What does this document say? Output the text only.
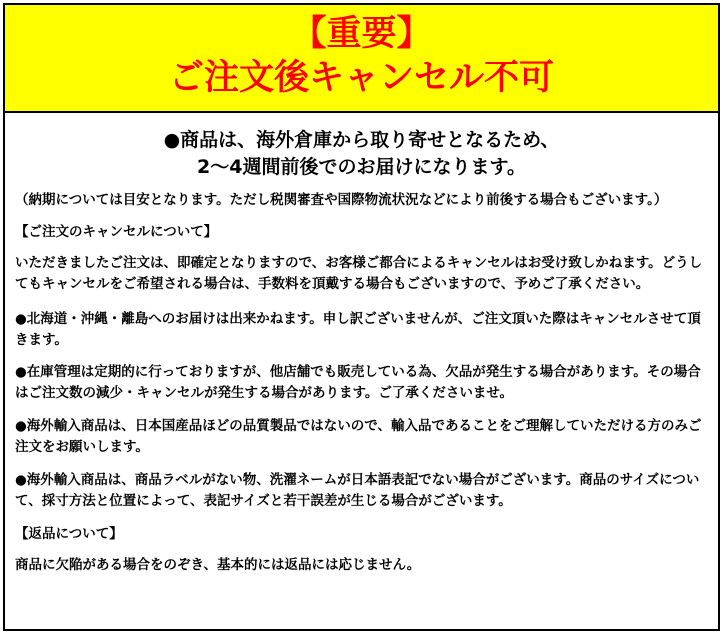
【重要】
ご注文後キャンセル不可
●商品は、海外倉庫から取り寄せとなるため、
2～4週間前後でのお届けになります。
（納期については目安となります。ただし税関審査や国際物流状況などにより前後する場合もございます。）
【ご注文のキャンセルについて】
いただきましたご注文は、即確定となりますので、お客様ご都合によるキャンセルはお受け致しかねます。どうしてもキャンセルをご希望される場合は、手数料を頂戴する場合もございますので、予めご了承ください。
●北海道・沖縄・離島へのお届けは出来かねます。申し訳ございませんが、ご注文頂いた際はキャンセルさせて頂きます。
●在庫管理は定期的に行っておりますが、他店舗でも販売している為、欠品が発生する場合があります。その場合はご注文数の減少・キャンセルが発生する場合があります。ご了承くださいませ。
●海外輸入商品は、日本国産品ほどの品質製品ではないので、輸入品であることをご理解していただける方のみご注文をお願いします。
●海外輸入商品は、商品ラベルがない物、洗濯ネームが日本語表記でない場合がございます。商品のサイズについて、採寸方法と位置によって、表記サイズと若干誤差が生じる場合がございます。
【返品について】
商品に欠陥がある場合をのぞき、基本的には返品には応じません。
